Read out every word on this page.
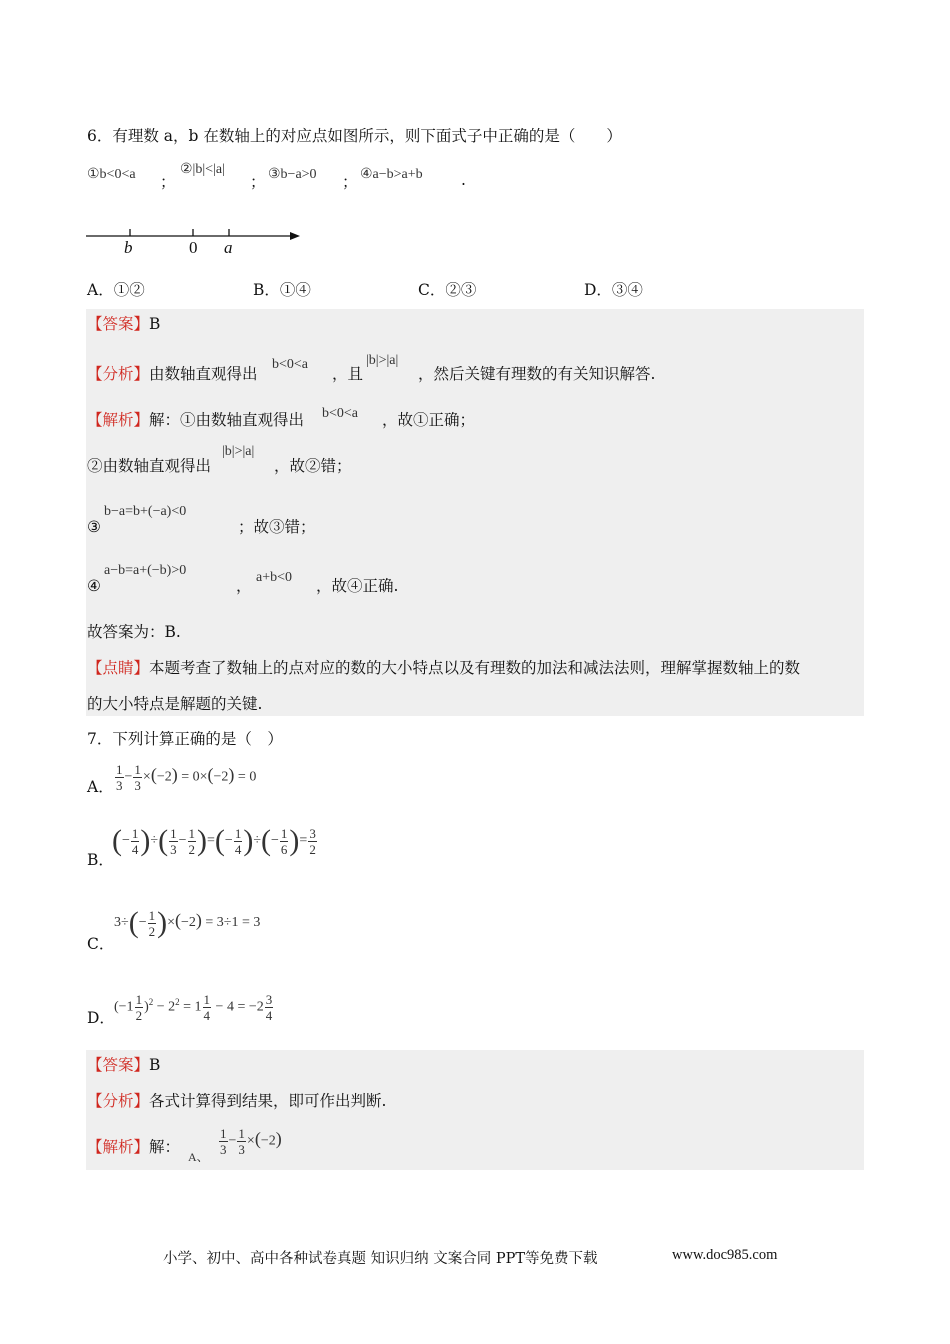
6．有理数 a，b 在数轴上的对应点如图所示，则下面式子中正确的是（　　）
①b<0<a ；
②|b|<|a|
； ③b−a>0 ； ④a−b>a+b .
b	0 a
A．①②	B．①④	C．②③	D．③④
【答案】B
【分析】由数轴直观得出
b<0<a
，且
|b|>|a|
，然后关键有理数的有关知识解答.
【解析】解：①由数轴直观得出 b<0<a ，故①正确；
②由数轴直观得出
|b|>|a|
，故②错；
③
b−a=b+(−a)<0
；故③错；
④
a−b=a+(−b)>0
， a+b<0 ，故④正确.
故答案为：B.
【点睛】本题考查了数轴上的点对应的数的大小特点以及有理数的加法和减法法则，理解掌握数轴上的数
的大小特点是解题的关键.
7．下列计算正确的是（　）
A． $\frac{1}{3} - \frac{1}{3} \times(-2) = 0\times(-2) = 0$
B．
(− $\frac{1}{4}$ )÷( $\frac{1}{3} - \frac{1}{2}$ )=(− $\frac{1}{4}$ )÷(− $\frac{1}{6}$ )= $\frac{3}{2}$
C．
$3\div(- \frac{1}{2} )\times(-2) = 3\div 1 = 3$
D．
$(-1 \frac{1}{2} )^2 - 2^2 = 1 \frac{1}{4} - 4 = -2 \frac{3}{4}$
【答案】B
【分析】各式计算得到结果，即可作出判断.
【解析】解：
A、 $\frac{1}{3} - \frac{1}{3} \times(-2)$
小学、初中、高中各种试卷真题 知识归纳 文案合同 PPT等免费下载	www.doc985.com
